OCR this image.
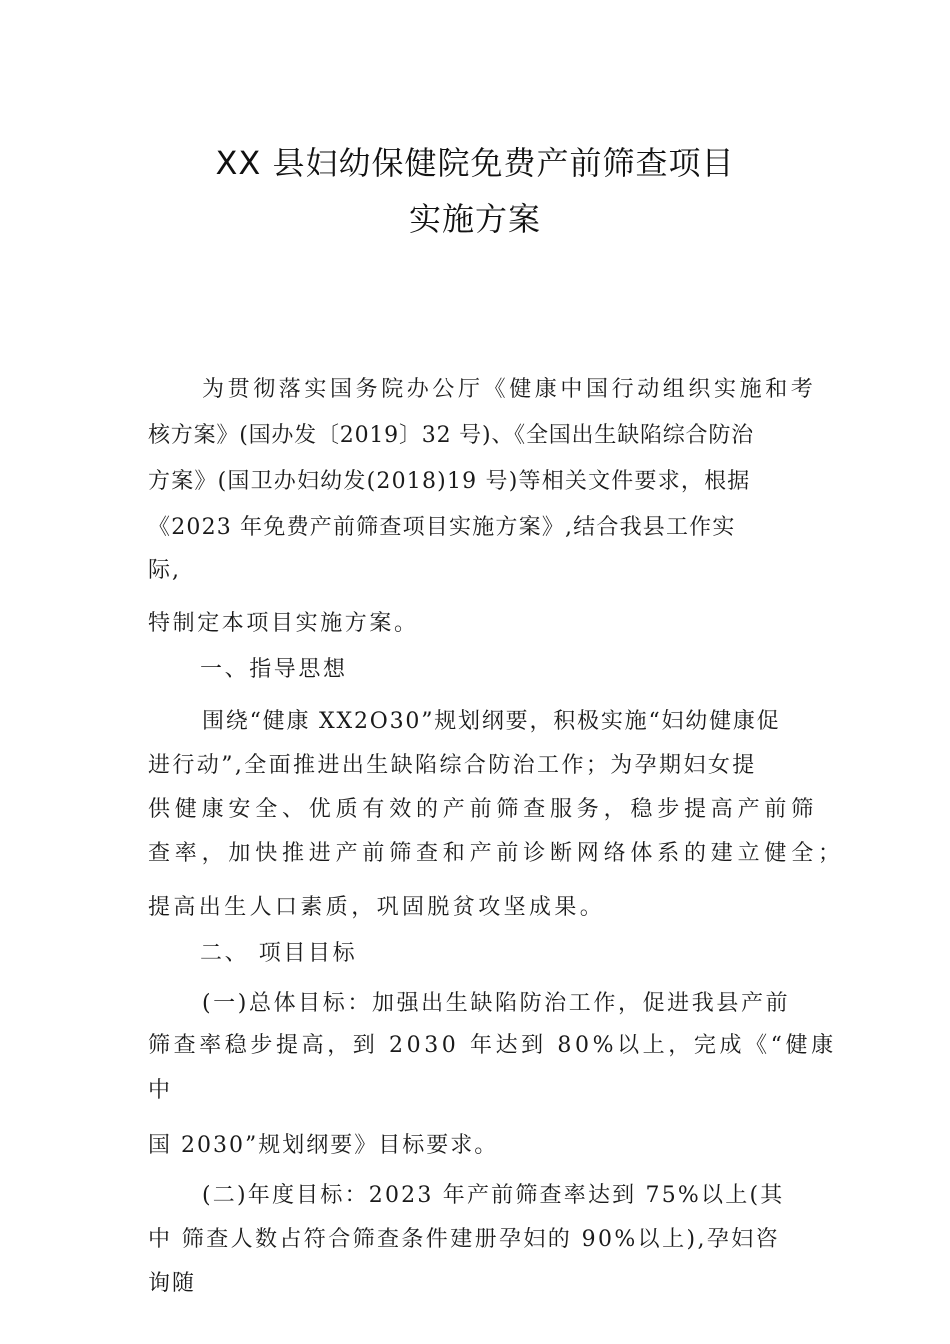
XX 县妇幼保健院免费产前筛查项目
实施方案
为贯彻落实国务院办公厅《健康中国行动组织实施和考
核方案》(国办发〔2019〕32 号)、《全国出生缺陷综合防治
方案》(国卫办妇幼发(2018)19 号)等相关文件要求，根据
《2023 年免费产前筛查项目实施方案》,结合我县工作实
际,
特制定本项目实施方案。
一、指导思想
围绕“健康 XX2O30”规划纲要，积极实施“妇幼健康促
进行动”,全面推进出生缺陷综合防治工作；为孕期妇女提
供健康安全、优质有效的产前筛查服务，稳步提高产前筛
查率，加快推进产前筛查和产前诊断网络体系的建立健全；
提高出生人口素质，巩固脱贫攻坚成果。
二、 项目目标
(一)总体目标：加强出生缺陷防治工作，促进我县产前
筛查率稳步提高，到 2030 年达到 80%以上，完成《“健康
中
国 2030”规划纲要》目标要求。
(二)年度目标：2023 年产前筛查率达到 75%以上(其
中 筛查人数占符合筛查条件建册孕妇的 90%以上),孕妇咨
询随
